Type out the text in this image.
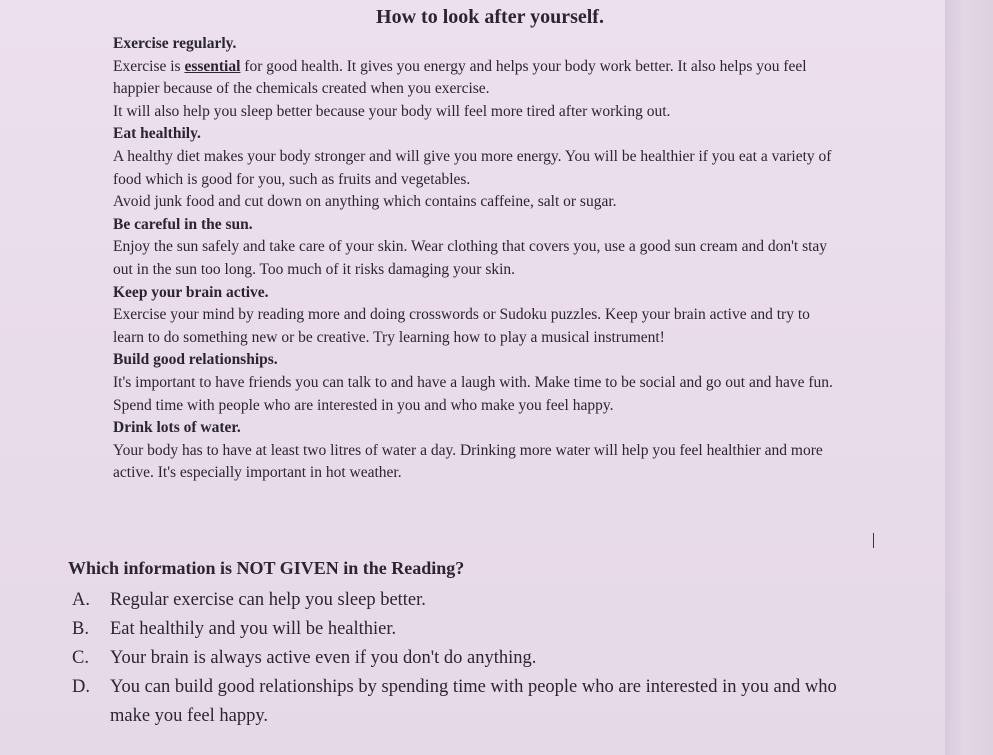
How to look after yourself.
Exercise regularly.

Exercise is essential for good health. It gives you energy and helps your body work better. It also helps you feel happier because of the chemicals created when you exercise.

It will also help you sleep better because your body will feel more tired after working out.

Eat healthily.

A healthy diet makes your body stronger and will give you more energy. You will be healthier if you eat a variety of food which is good for you, such as fruits and vegetables.

Avoid junk food and cut down on anything which contains caffeine, salt or sugar.

Be careful in the sun.

Enjoy the sun safely and take care of your skin. Wear clothing that covers you, use a good sun cream and don't stay out in the sun too long. Too much of it risks damaging your skin.

Keep your brain active.

Exercise your mind by reading more and doing crosswords or Sudoku puzzles. Keep your brain active and try to learn to do something new or be creative. Try learning how to play a musical instrument!

Build good relationships.

It's important to have friends you can talk to and have a laugh with. Make time to be social and go out and have fun. Spend time with people who are interested in you and who make you feel happy.

Drink lots of water.

Your body has to have at least two litres of water a day. Drinking more water will help you feel healthier and more active. It's especially important in hot weather.

Which information is NOT GIVEN in the Reading?
A.	Regular exercise can help you sleep better.
B.	Eat healthily and you will be healthier.
C.	Your brain is always active even if you don't do anything.
D.	You can build good relationships by spending time with people who are interested in you and who make you feel happy.
